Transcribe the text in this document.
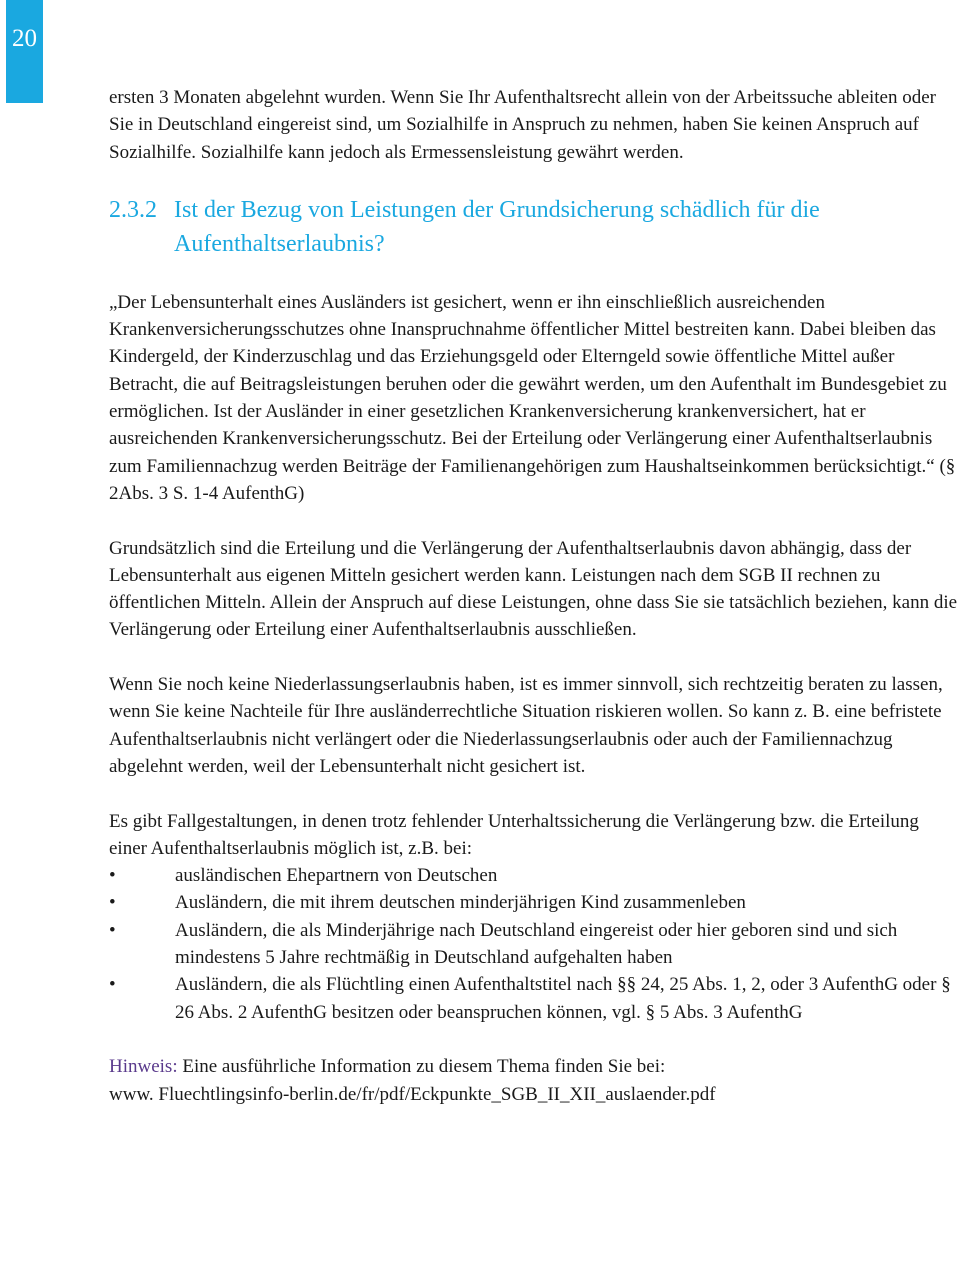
20

ersten 3 Monaten abgelehnt wurden. Wenn Sie Ihr Aufenthaltsrecht allein von der Arbeitssuche ableiten oder Sie in Deutschland eingereist sind, um Sozialhilfe in Anspruch zu nehmen, haben Sie keinen Anspruch auf Sozialhilfe. Sozialhilfe kann jedoch als Ermessensleistung gewährt werden.

2.3.2 Ist der Bezug von Leistungen der Grundsicherung schädlich für die Aufenthaltserlaubnis?

„Der Lebensunterhalt eines Ausländers ist gesichert, wenn er ihn einschließlich ausreichenden Krankenversicherungsschutzes ohne Inanspruchnahme öffentlicher Mittel bestreiten kann. Dabei bleiben das Kindergeld, der Kinderzuschlag und das Erziehungsgeld oder Elterngeld sowie öffentliche Mittel außer Betracht, die auf Beitragsleistungen beruhen oder die gewährt werden, um den Aufenthalt im Bundesgebiet zu ermöglichen. Ist der Ausländer in einer gesetzlichen Krankenversicherung krankenversichert, hat er ausreichenden Krankenversicherungsschutz. Bei der Erteilung oder Verlängerung einer Aufenthaltserlaubnis zum Familiennachzug werden Beiträge der Familienangehörigen zum Haushaltseinkommen berücksichtigt.“ (§ 2Abs. 3 S. 1-4 AufenthG)

Grundsätzlich sind die Erteilung und die Verlängerung der Aufenthaltserlaubnis davon abhängig, dass der Lebensunterhalt aus eigenen Mitteln gesichert werden kann. Leistungen nach dem SGB II rechnen zu öffentlichen Mitteln. Allein der Anspruch auf diese Leistungen, ohne dass Sie sie tatsächlich beziehen, kann die Verlängerung oder Erteilung einer Aufenthaltserlaubnis ausschließen.

Wenn Sie noch keine Niederlassungserlaubnis haben, ist es immer sinnvoll, sich rechtzeitig beraten zu lassen, wenn Sie keine Nachteile für Ihre ausländerrechtliche Situation riskieren wollen. So kann z. B. eine befristete Aufenthaltserlaubnis nicht verlängert oder die Niederlassungserlaubnis oder auch der Familiennachzug abgelehnt werden, weil der Lebensunterhalt nicht gesichert ist.

Es gibt Fallgestaltungen, in denen trotz fehlender Unterhaltssicherung die Verlängerung bzw. die Erteilung einer Aufenthaltserlaubnis möglich ist, z.B. bei:

•	ausländischen Ehepartnern von Deutschen
•	Ausländern, die mit ihrem deutschen minderjährigen Kind zusammenleben
•	Ausländern, die als Minderjährige nach Deutschland eingereist oder hier geboren sind und sich mindestens 5 Jahre rechtmäßig in Deutschland aufgehalten haben
•	Ausländern, die als Flüchtling einen Aufenthaltstitel nach §§ 24, 25 Abs. 1, 2, oder 3 AufenthG oder § 26 Abs. 2 AufenthG besitzen oder beanspruchen können, vgl. § 5 Abs. 3 AufenthG

Hinweis: Eine ausführliche Information zu diesem Thema finden Sie bei:
www. Fluechtlingsinfo-berlin.de/fr/pdf/Eckpunkte_SGB_II_XII_auslaender.pdf
